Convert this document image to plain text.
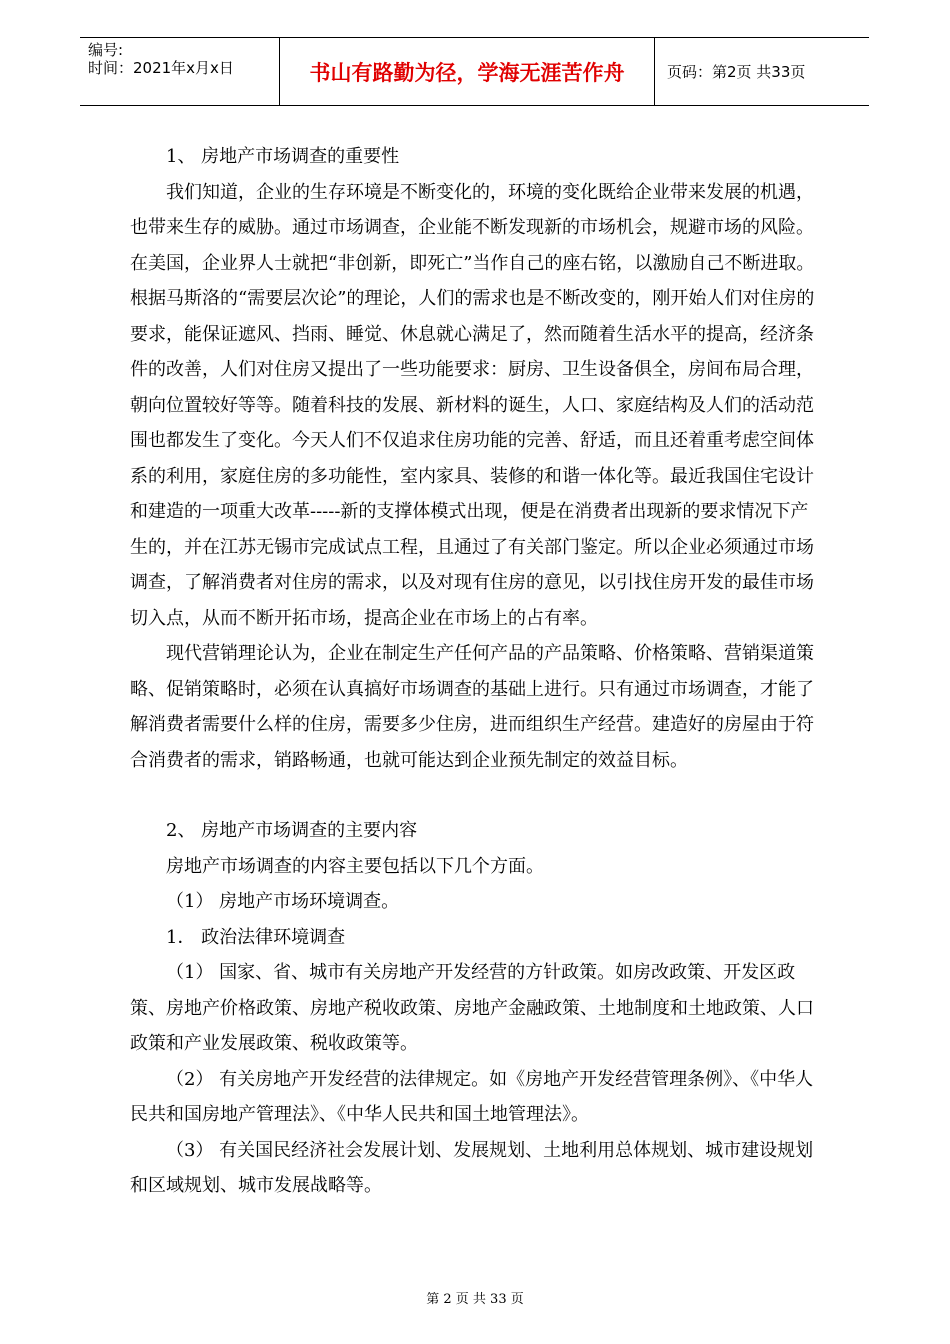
编号:
时间：2021年x月x日	书山有路勤为径，学海无涯苦作舟	页码：第2页 共33页

1、 房地产市场调查的重要性

我们知道，企业的生存环境是不断变化的，环境的变化既给企业带来发展的机遇，也带来生存的威胁。通过市场调查，企业能不断发现新的市场机会，规避市场的风险。在美国，企业界人士就把“非创新，即死亡”当作自己的座右铭，以激励自己不断进取。根据马斯洛的“需要层次论”的理论，人们的需求也是不断改变的，刚开始人们对住房的要求，能保证遮风、挡雨、睡觉、休息就心满足了，然而随着生活水平的提高，经济条件的改善，人们对住房又提出了一些功能要求：厨房、卫生设备俱全，房间布局合理，朝向位置较好等等。随着科技的发展、新材料的诞生，人口、家庭结构及人们的活动范围也都发生了变化。今天人们不仅追求住房功能的完善、舒适，而且还着重考虑空间体系的利用，家庭住房的多功能性，室内家具、装修的和谐一体化等。最近我国住宅设计和建造的一项重大改革-----新的支撑体模式出现，便是在消费者出现新的要求情况下产生的，并在江苏无锡市完成试点工程，且通过了有关部门鉴定。所以企业必须通过市场调查，了解消费者对住房的需求，以及对现有住房的意见，以引找住房开发的最佳市场切入点，从而不断开拓市场，提高企业在市场上的占有率。

现代营销理论认为，企业在制定生产任何产品的产品策略、价格策略、营销渠道策略、促销策略时，必须在认真搞好市场调查的基础上进行。只有通过市场调查，才能了解消费者需要什么样的住房，需要多少住房，进而组织生产经营。建造好的房屋由于符合消费者的需求，销路畅通，也就可能达到企业预先制定的效益目标。

2、 房地产市场调查的主要内容

房地产市场调查的内容主要包括以下几个方面。

（1） 房地产市场环境调查。

1． 政治法律环境调查

（1） 国家、省、城市有关房地产开发经营的方针政策。如房改政策、开发区政策、房地产价格政策、房地产税收政策、房地产金融政策、土地制度和土地政策、人口政策和产业发展政策、税收政策等。

（2） 有关房地产开发经营的法律规定。如《房地产开发经营管理条例》、《中华人民共和国房地产管理法》、《中华人民共和国土地管理法》。

（3） 有关国民经济社会发展计划、发展规划、土地利用总体规划、城市建设规划和区域规划、城市发展战略等。

第 2 页 共 33 页
